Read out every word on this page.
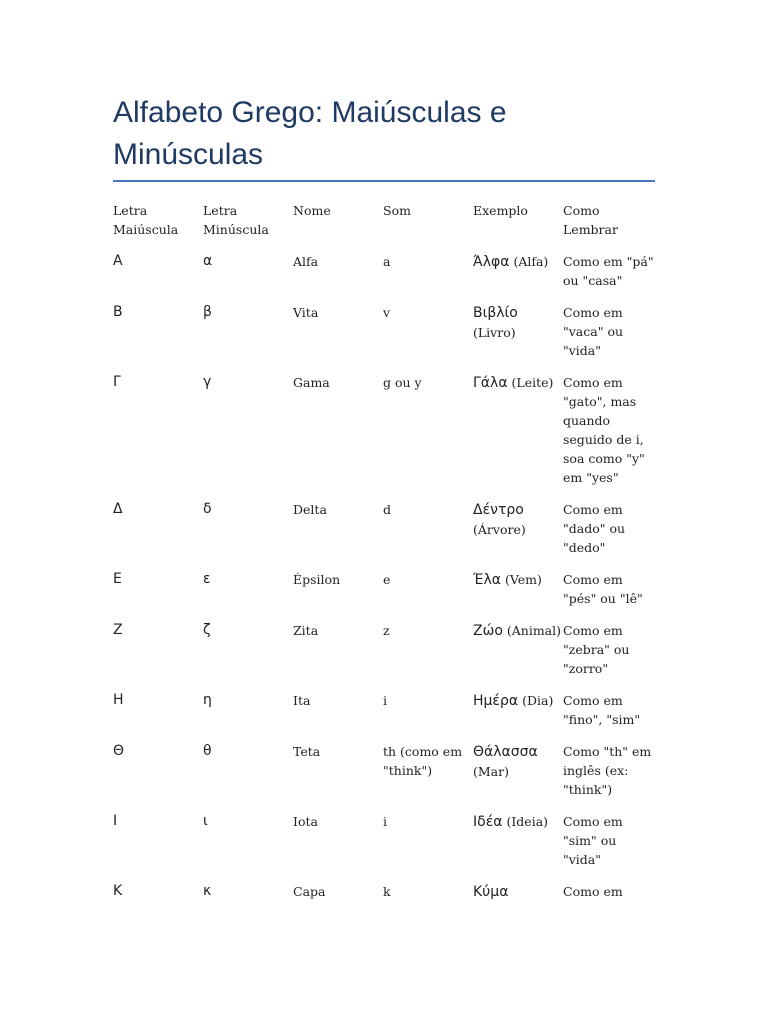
Alfabeto Grego: Maiúsculas e Minúsculas
Letra Maiúscula	Letra Minúscula	Nome	Som	Exemplo	Como Lembrar
Α	α	Alfa	a	Άλφα (Alfa)	Como em "pá" ou "casa"
Β	β	Vita	v	Βιβλίο (Livro)	Como em "vaca" ou "vida"
Γ	γ	Gama	g ou y	Γάλα (Leite)	Como em "gato", mas quando seguido de i, soa como "y" em "yes"
Δ	δ	Delta	d	Δέντρο (Árvore)	Como em "dado" ou "dedo"
Ε	ε	Épsilon	e	Έλα (Vem)	Como em "pés" ou "lê"
Ζ	ζ	Zita	z	Ζώο (Animal)	Como em "zebra" ou "zorro"
Η	η	Ita	i	Ημέρα (Dia)	Como em "fino", "sim"
Θ	θ	Teta	th (como em "think")	Θάλασσα (Mar)	Como "th" em inglês (ex: "think")
Ι	ι	Iota	i	Ιδέα (Ideia)	Como em "sim" ou "vida"
Κ	κ	Capa	k	Κύμα	Como em
